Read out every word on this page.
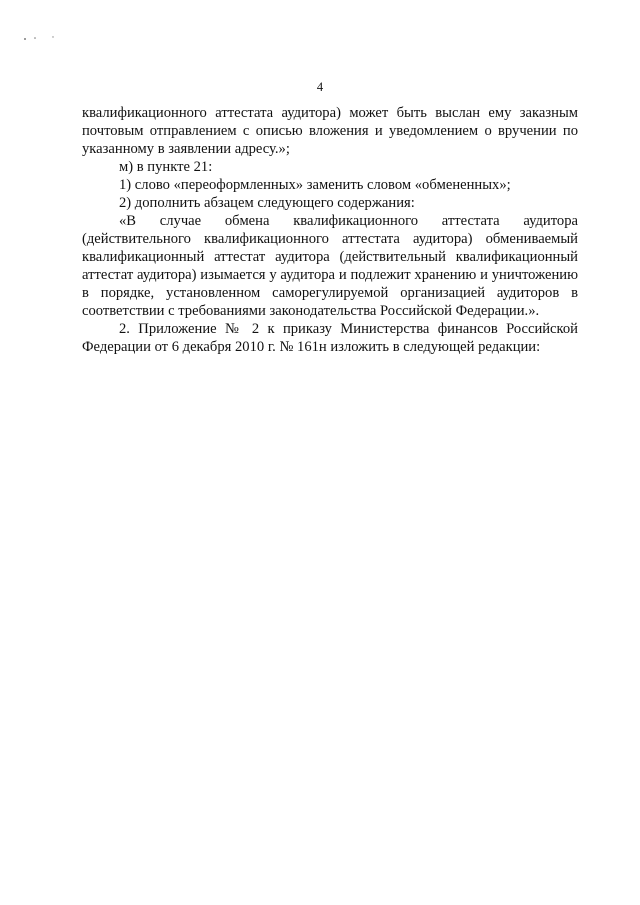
4

квалификационного аттестата аудитора) может быть выслан ему заказным почтовым отправлением с описью вложения и уведомлением о вручении по указанному в заявлении адресу.»;

м) в пункте 21:

1) слово «переоформленных» заменить словом «обмененных»;

2) дополнить абзацем следующего содержания:

«В случае обмена квалификационного аттестата аудитора (действительного квалификационного аттестата аудитора) обмениваемый квалификационный аттестат аудитора (действительный квалификационный аттестат аудитора) изымается у аудитора и подлежит хранению и уничтожению в порядке, установленном саморегулируемой организацией аудиторов в соответствии с требованиями законодательства Российской Федерации.».

2. Приложение № 2 к приказу Министерства финансов Российской Федерации от 6 декабря 2010 г. № 161н изложить в следующей редакции:
